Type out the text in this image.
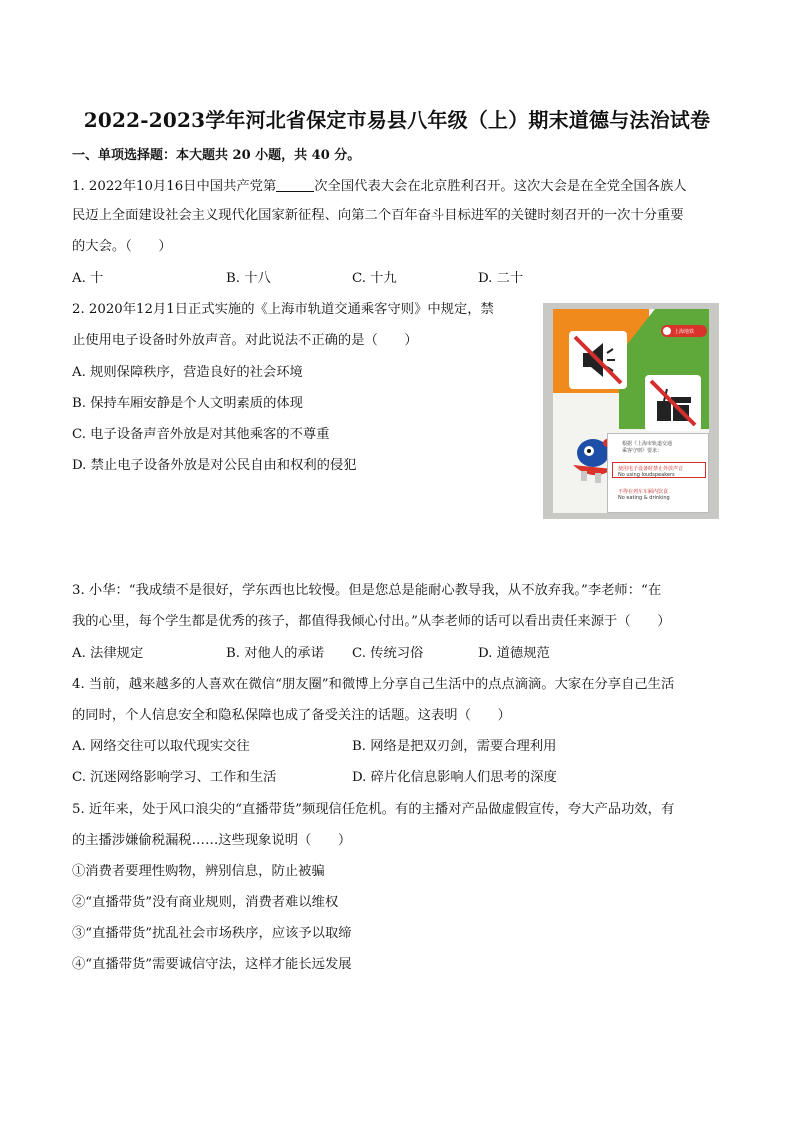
2022-2023学年河北省保定市易县八年级（上）期末道德与法治试卷
一、单项选择题：本大题共 20 小题，共 40 分。
1. 2022年10月16日中国共产党第	次全国代表大会在北京胜利召开。这次大会是在全党全国各族人
民迈上全面建设社会主义现代化国家新征程、向第二个百年奋斗目标进军的关键时刻召开的一次十分重要
的大会。（　　）
A. 十	B. 十八	C. 十九	D. 二十
2. 2020年12月1日正式实施的《上海市轨道交通乘客守则》中规定，禁
止使用电子设备时外放声音。对此说法不正确的是（　　）
A. 规则保障秩序，营造良好的社会环境
B. 保持车厢安静是个人文明素质的体现
C. 电子设备声音外放是对其他乘客的不尊重
D. 禁止电子设备外放是对公民自由和权利的侵犯
上海地铁
根据《上海市轨道交通
乘客守则》要求：
使用电子设备时禁止外放声音
No using loudspeakers
不得在列车车厢内饮食
No eating & drinking
3. 小华：“我成绩不是很好，学东西也比较慢。但是您总是能耐心教导我，从不放弃我。”李老师：“在
我的心里，每个学生都是优秀的孩子，都值得我倾心付出。”从李老师的话可以看出责任来源于（　　）
A. 法律规定	B. 对他人的承诺 C. 传统习俗	D. 道德规范
4. 当前，越来越多的人喜欢在微信“朋友圈”和微博上分享自己生活中的点点滴滴。大家在分享自己生活
的同时，个人信息安全和隐私保障也成了备受关注的话题。这表明（　　）
A. 网络交往可以取代现实交往	B. 网络是把双刃剑，需要合理利用
C. 沉迷网络影响学习、工作和生活	D. 碎片化信息影响人们思考的深度
5. 近年来，处于风口浪尖的“直播带货”频现信任危机。有的主播对产品做虚假宣传，夸大产品功效，有
的主播涉嫌偷税漏税……这些现象说明（　　）
①消费者要理性购物，辨别信息，防止被骗
②“直播带货”没有商业规则，消费者难以维权
③“直播带货”扰乱社会市场秩序，应该予以取缔
④“直播带货”需要诚信守法，这样才能长远发展
